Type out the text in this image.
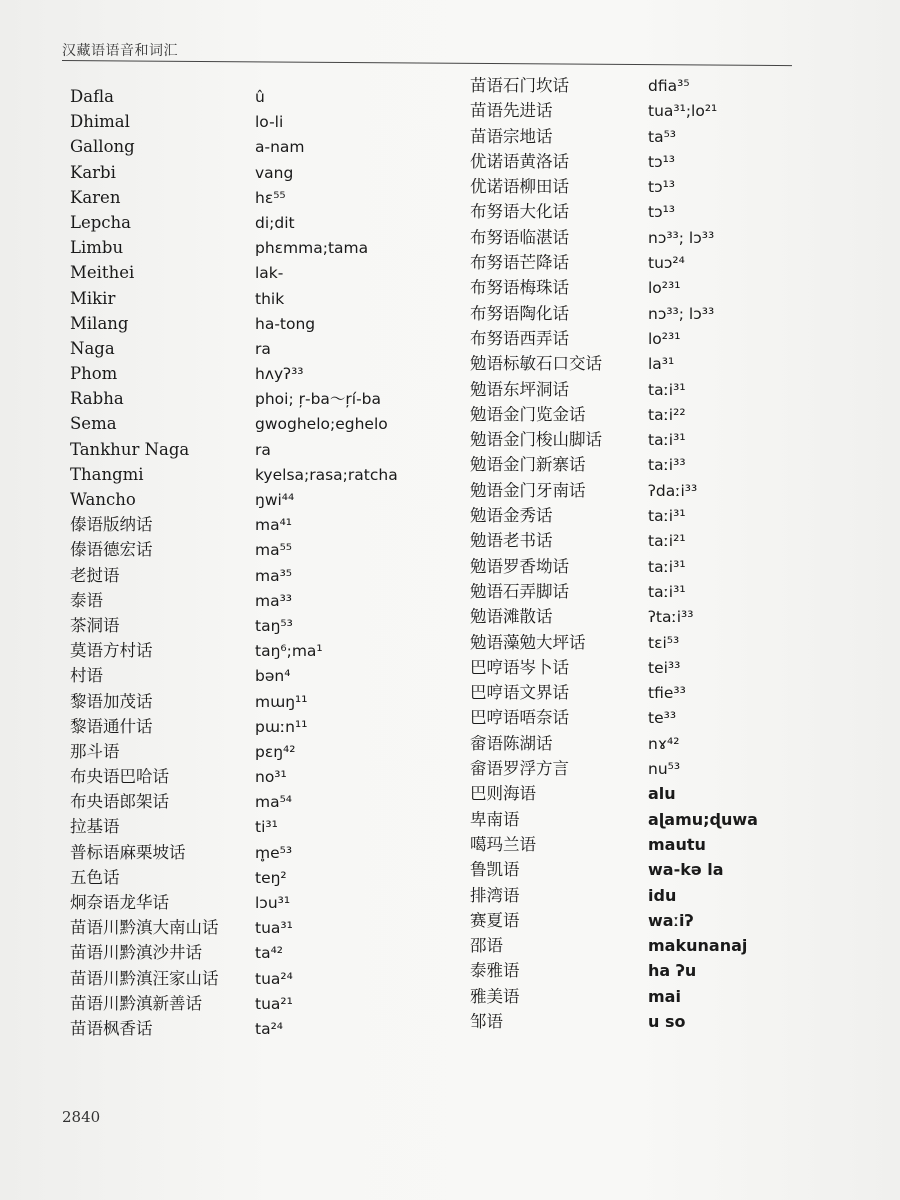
汉藏语语音和词汇
Dafla	û
Dhimal	lo-li
Gallong	a-nam
Karbi	vang
Karen	hɛ⁵⁵
Lepcha	di;dit
Limbu	phɛmma;tama
Meithei	lak-
Mikir	thik
Milang	ha-tong
Naga	ra
Phom	hʌyʔ³³
Rabha	phoi; ŗ-ba～ŗí-ba
Sema	gwoghelo;eghelo
Tankhur Naga	ra
Thangmi	kyelsa;rasa;ratcha
Wancho	ŋwi⁴⁴
傣语版纳话	ma⁴¹
傣语德宏话	ma⁵⁵
老挝语	ma³⁵
泰语	ma³³
茶洞语	taŋ⁵³
莫语方村话	taŋ⁶;ma¹
村语	bən⁴
黎语加茂话	mɯŋ¹¹
黎语通什话	pɯːn¹¹
那斗语	pɛŋ⁴²
布央语巴哈话	no³¹
布央语郎架话	ma⁵⁴
拉基语	ti³¹
普标语麻栗坡话	m̥e⁵³
五色话	teŋ²
炯奈语龙华话	lɔu³¹
苗语川黔滇大南山话	tua³¹
苗语川黔滇沙井话	ta⁴²
苗语川黔滇汪家山话	tua²⁴
苗语川黔滇新善话	tua²¹
苗语枫香话	ta²⁴
苗语石门坎话	dfia³⁵
苗语先进话	tua³¹;lo²¹
苗语宗地话	ta⁵³
优诺语黄洛话	tɔ¹³
优诺语柳田话	tɔ¹³
布努语大化话	tɔ¹³
布努语临湛话	nɔ³³; lɔ³³
布努语芒降话	tuɔ²⁴
布努语梅珠话	lo²³¹
布努语陶化话	nɔ³³; lɔ³³
布努语西弄话	lo²³¹
勉语标敏石口交话	la³¹
勉语东坪洞话	taːi³¹
勉语金门览金话	taːi²²
勉语金门梭山脚话	taːi³¹
勉语金门新寨话	taːi³³
勉语金门牙南话	ʔdaːi³³
勉语金秀话	taːi³¹
勉语老书话	taːi²¹
勉语罗香坳话	taːi³¹
勉语石弄脚话	taːi³¹
勉语滩散话	ʔtaːi³³
勉语藻勉大坪话	tɛi⁵³
巴哼语岑卜话	tei³³
巴哼语文界话	tfie³³
巴哼语唔奈话	te³³
畲语陈湖话	nɤ⁴²
畲语罗浮方言	nu⁵³
巴则海语	alu
卑南语	aɭamu;ɖuwa
噶玛兰语	mautu
鲁凯语	wa-kə la
排湾语	idu
赛夏语	waːiʔ
邵语	makunanaj
泰雅语	ha ʔu
雅美语	mai
邹语	u so
2840
